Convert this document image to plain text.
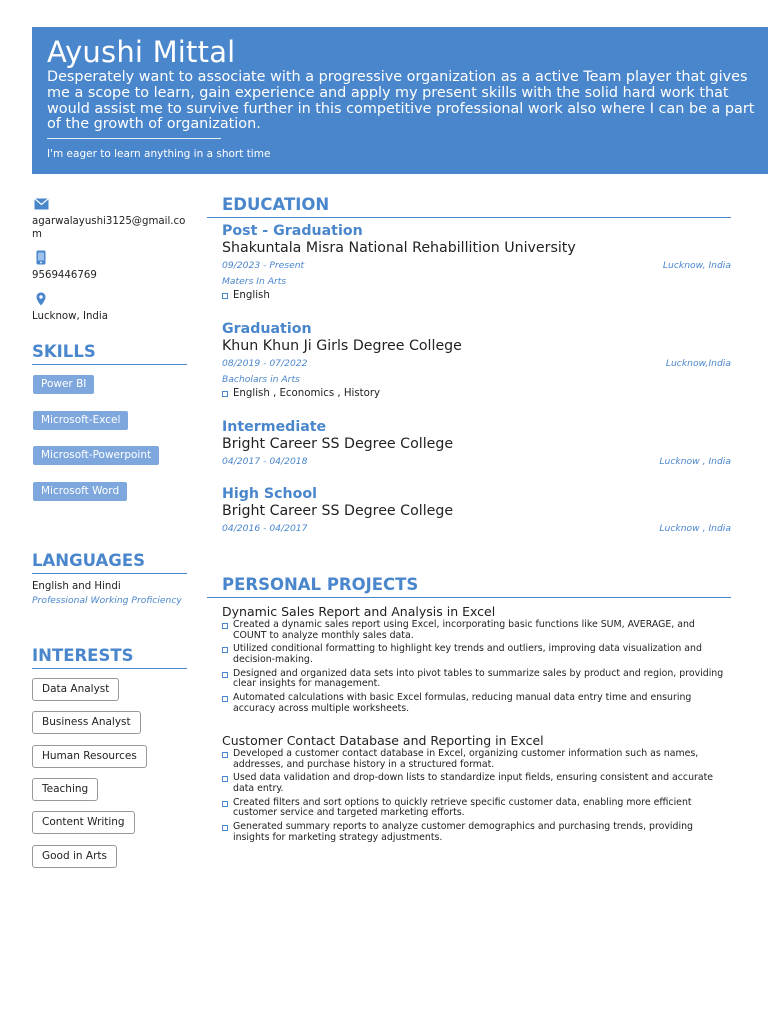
Ayushi Mittal
Desperately want to associate with a progressive organization as a active Team player that gives me a scope to learn, gain experience and apply my present skills with the solid hard work that would assist me to survive further in this competitive professional work also where I can be a part of the growth of organization.
I'm eager to learn anything in a short time
agarwalayushi3125@gmail.com
9569446769
Lucknow, India
SKILLS
Power BI
Microsoft-Excel
Microsoft-Powerpoint
Microsoft Word
LANGUAGES
English and Hindi
Professional Working Proficiency
INTERESTS
Data Analyst
Business Analyst
Human Resources
Teaching
Content Writing
Good in Arts
EDUCATION
Post - Graduation
Shakuntala Misra National Rehabillition University
09/2023 - Present	Lucknow, India
Maters In Arts
English
Graduation
Khun Khun Ji Girls Degree College
08/2019 - 07/2022	Lucknow,India
Bacholars in Arts
English , Economics , History
Intermediate
Bright Career SS Degree College
04/2017 - 04/2018	Lucknow , India
High School
Bright Career SS Degree College
04/2016 - 04/2017	Lucknow , India
PERSONAL PROJECTS
Dynamic Sales Report and Analysis in Excel
Created a dynamic sales report using Excel, incorporating basic functions like SUM, AVERAGE, and COUNT to analyze monthly sales data.
Utilized conditional formatting to highlight key trends and outliers, improving data visualization and decision-making.
Designed and organized data sets into pivot tables to summarize sales by product and region, providing clear insights for management.
Automated calculations with basic Excel formulas, reducing manual data entry time and ensuring accuracy across multiple worksheets.
Customer Contact Database and Reporting in Excel
Developed a customer contact database in Excel, organizing customer information such as names, addresses, and purchase history in a structured format.
Used data validation and drop-down lists to standardize input fields, ensuring consistent and accurate data entry.
Created filters and sort options to quickly retrieve specific customer data, enabling more efficient customer service and targeted marketing efforts.
Generated summary reports to analyze customer demographics and purchasing trends, providing insights for marketing strategy adjustments.
